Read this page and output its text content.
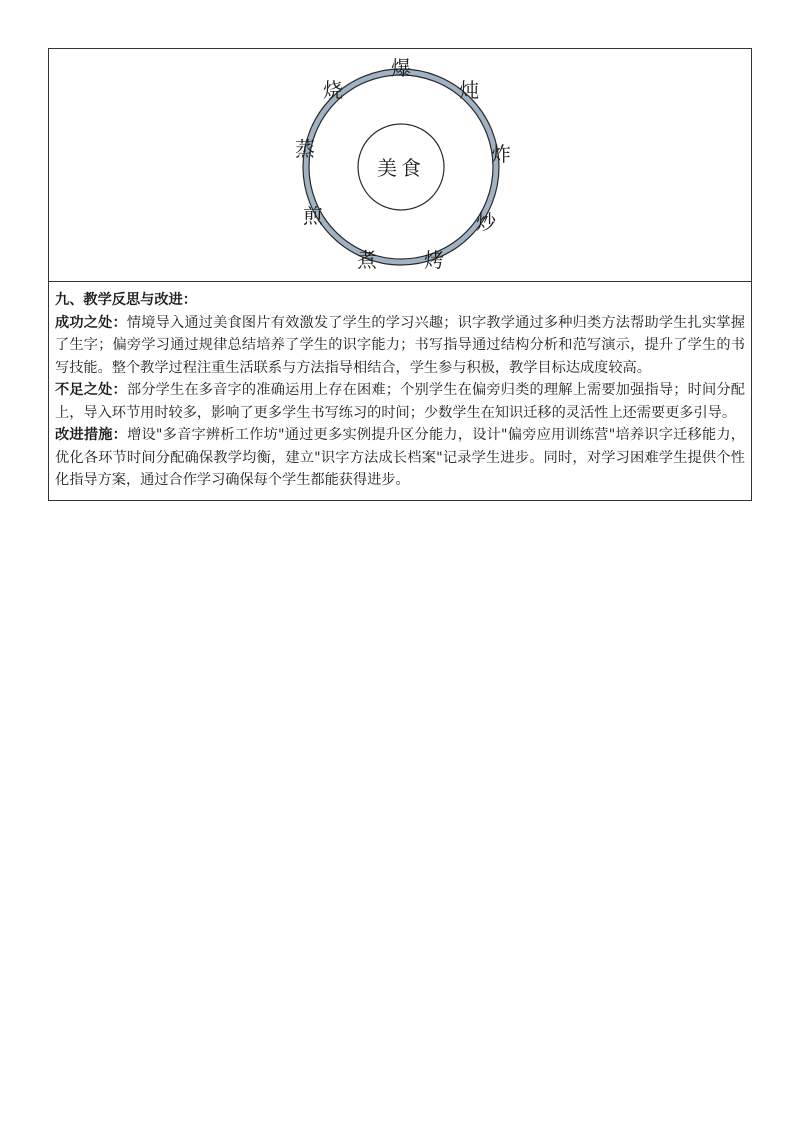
美食
爆
炖
炸
炒
烤
煮
煎
蒸
烧

九、教学反思与改进：

成功之处：情境导入通过美食图片有效激发了学生的学习兴趣；识字教学通过多种归类方法帮助学生扎实掌握了生字；偏旁学习通过规律总结培养了学生的识字能力；书写指导通过结构分析和范写演示，提升了学生的书写技能。整个教学过程注重生活联系与方法指导相结合，学生参与积极，教学目标达成度较高。

不足之处：部分学生在多音字的准确运用上存在困难；个别学生在偏旁归类的理解上需要加强指导；时间分配上，导入环节用时较多，影响了更多学生书写练习的时间；少数学生在知识迁移的灵活性上还需要更多引导。

改进措施：增设"多音字辨析工作坊"通过更多实例提升区分能力，设计"偏旁应用训练营"培养识字迁移能力，优化各环节时间分配确保教学均衡，建立"识字方法成长档案"记录学生进步。同时，对学习困难学生提供个性化指导方案，通过合作学习确保每个学生都能获得进步。
